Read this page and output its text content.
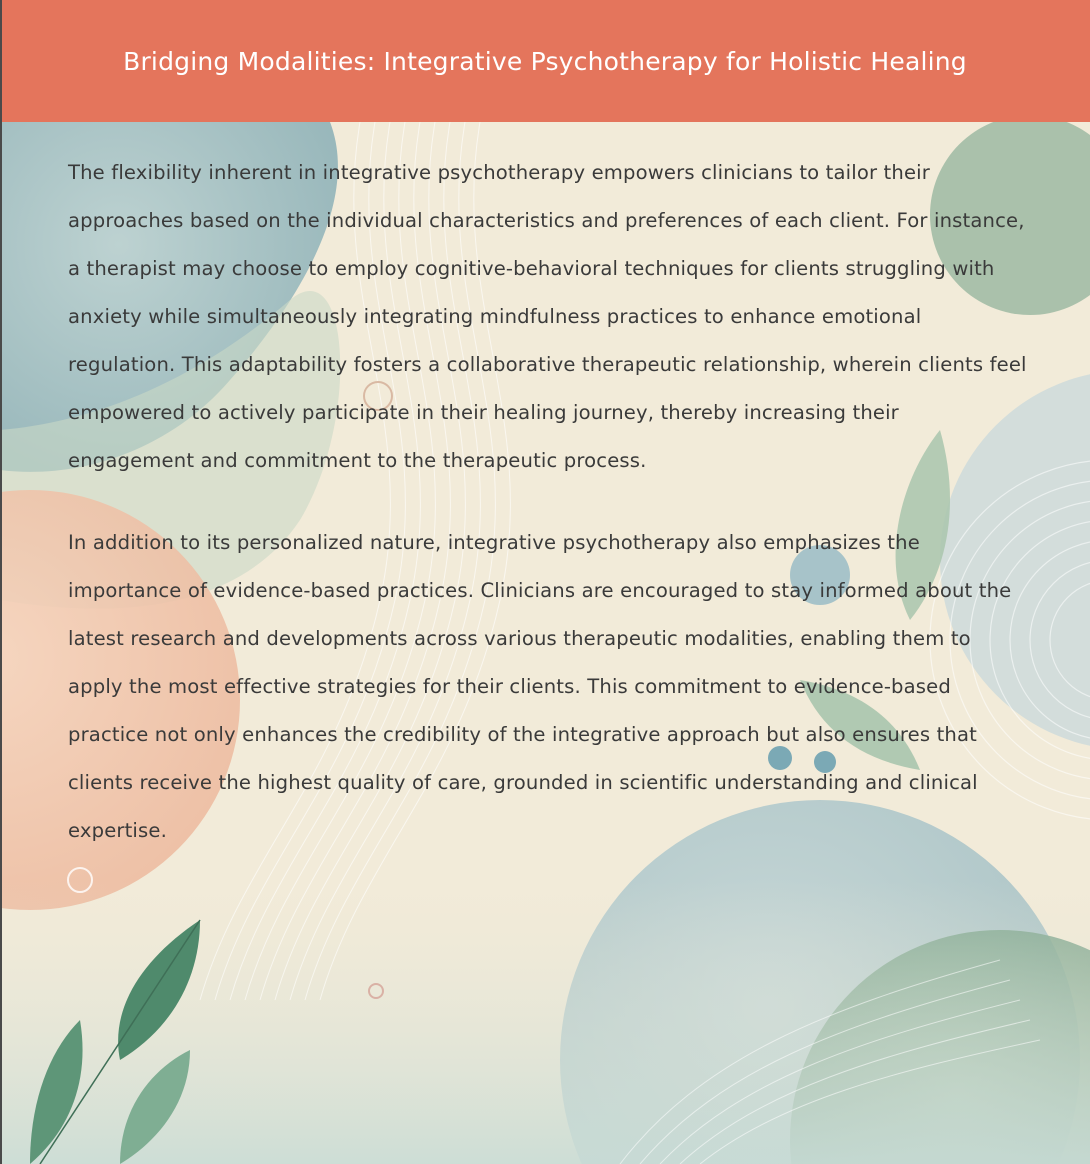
Bridging Modalities: Integrative Psychotherapy for Holistic Healing

The flexibility inherent in integrative psychotherapy empowers clinicians to tailor their approaches based on the individual characteristics and preferences of each client. For instance, a therapist may choose to employ cognitive-behavioral techniques for clients struggling with anxiety while simultaneously integrating mindfulness practices to enhance emotional regulation. This adaptability fosters a collaborative therapeutic relationship, wherein clients feel empowered to actively participate in their healing journey, thereby increasing their engagement and commitment to the therapeutic process.

In addition to its personalized nature, integrative psychotherapy also emphasizes the importance of evidence-based practices. Clinicians are encouraged to stay informed about the latest research and developments across various therapeutic modalities, enabling them to apply the most effective strategies for their clients. This commitment to evidence-based practice not only enhances the credibility of the integrative approach but also ensures that clients receive the highest quality of care, grounded in scientific understanding and clinical expertise.
